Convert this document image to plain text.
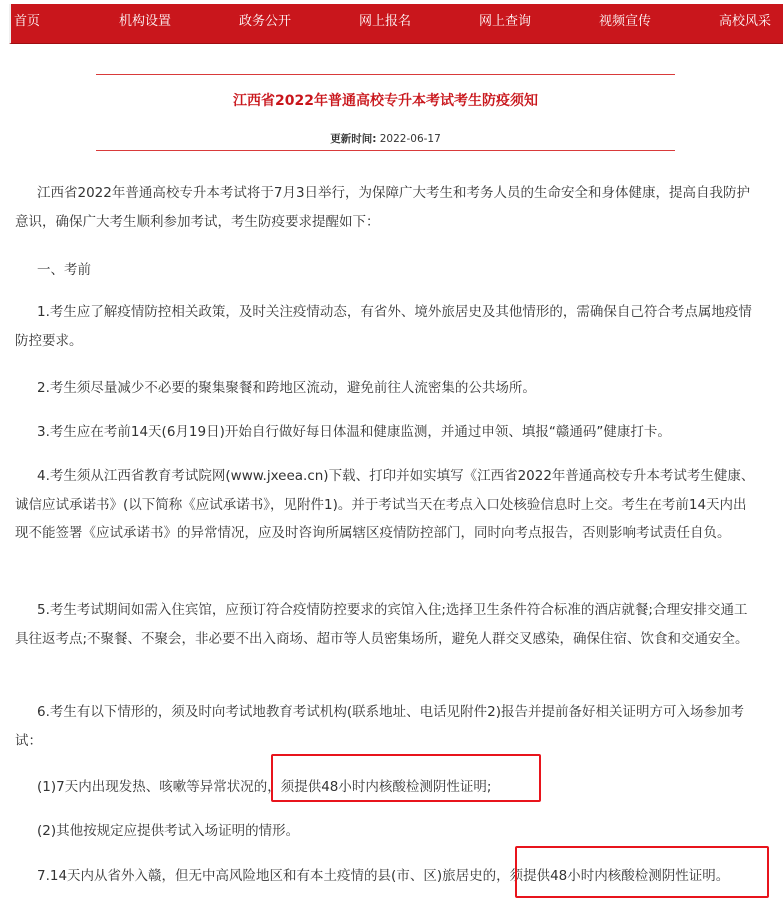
首页	机构设置	政务公开	网上报名	网上查询	视频宣传	高校风采
江西省2022年普通高校专升本考试考生防疫须知
更新时间: 2022-06-17

江西省2022年普通高校专升本考试将于7月3日举行，为保障广大考生和考务人员的生命安全和身体健康，提高自我防护意识，确保广大考生顺利参加考试，考生防疫要求提醒如下：

一、考前

1.考生应了解疫情防控相关政策，及时关注疫情动态，有省外、境外旅居史及其他情形的，需确保自己符合考点属地疫情防控要求。

2.考生须尽量减少不必要的聚集聚餐和跨地区流动，避免前往人流密集的公共场所。

3.考生应在考前14天(6月19日)开始自行做好每日体温和健康监测，并通过申领、填报“赣通码”健康打卡。

4.考生须从江西省教育考试院网(www.jxeea.cn)下载、打印并如实填写《江西省2022年普通高校专升本考试考生健康、诚信应试承诺书》(以下简称《应试承诺书》，见附件1)。并于考试当天在考点入口处核验信息时上交。考生在考前14天内出现不能签署《应试承诺书》的异常情况，应及时咨询所属辖区疫情防控部门，同时向考点报告，否则影响考试责任自负。

5.考生考试期间如需入住宾馆，应预订符合疫情防控要求的宾馆入住;选择卫生条件符合标准的酒店就餐;合理安排交通工具往返考点;不聚餐、不聚会，非必要不出入商场、超市等人员密集场所，避免人群交叉感染，确保住宿、饮食和交通安全。

6.考生有以下情形的，须及时向考试地教育考试机构(联系地址、电话见附件2)报告并提前备好相关证明方可入场参加考试：

(1)7天内出现发热、咳嗽等异常状况的，须提供48小时内核酸检测阴性证明;

(2)其他按规定应提供考试入场证明的情形。

7.14天内从省外入赣，但无中高风险地区和有本土疫情的县(市、区)旅居史的，须提供48小时内核酸检测阴性证明。
